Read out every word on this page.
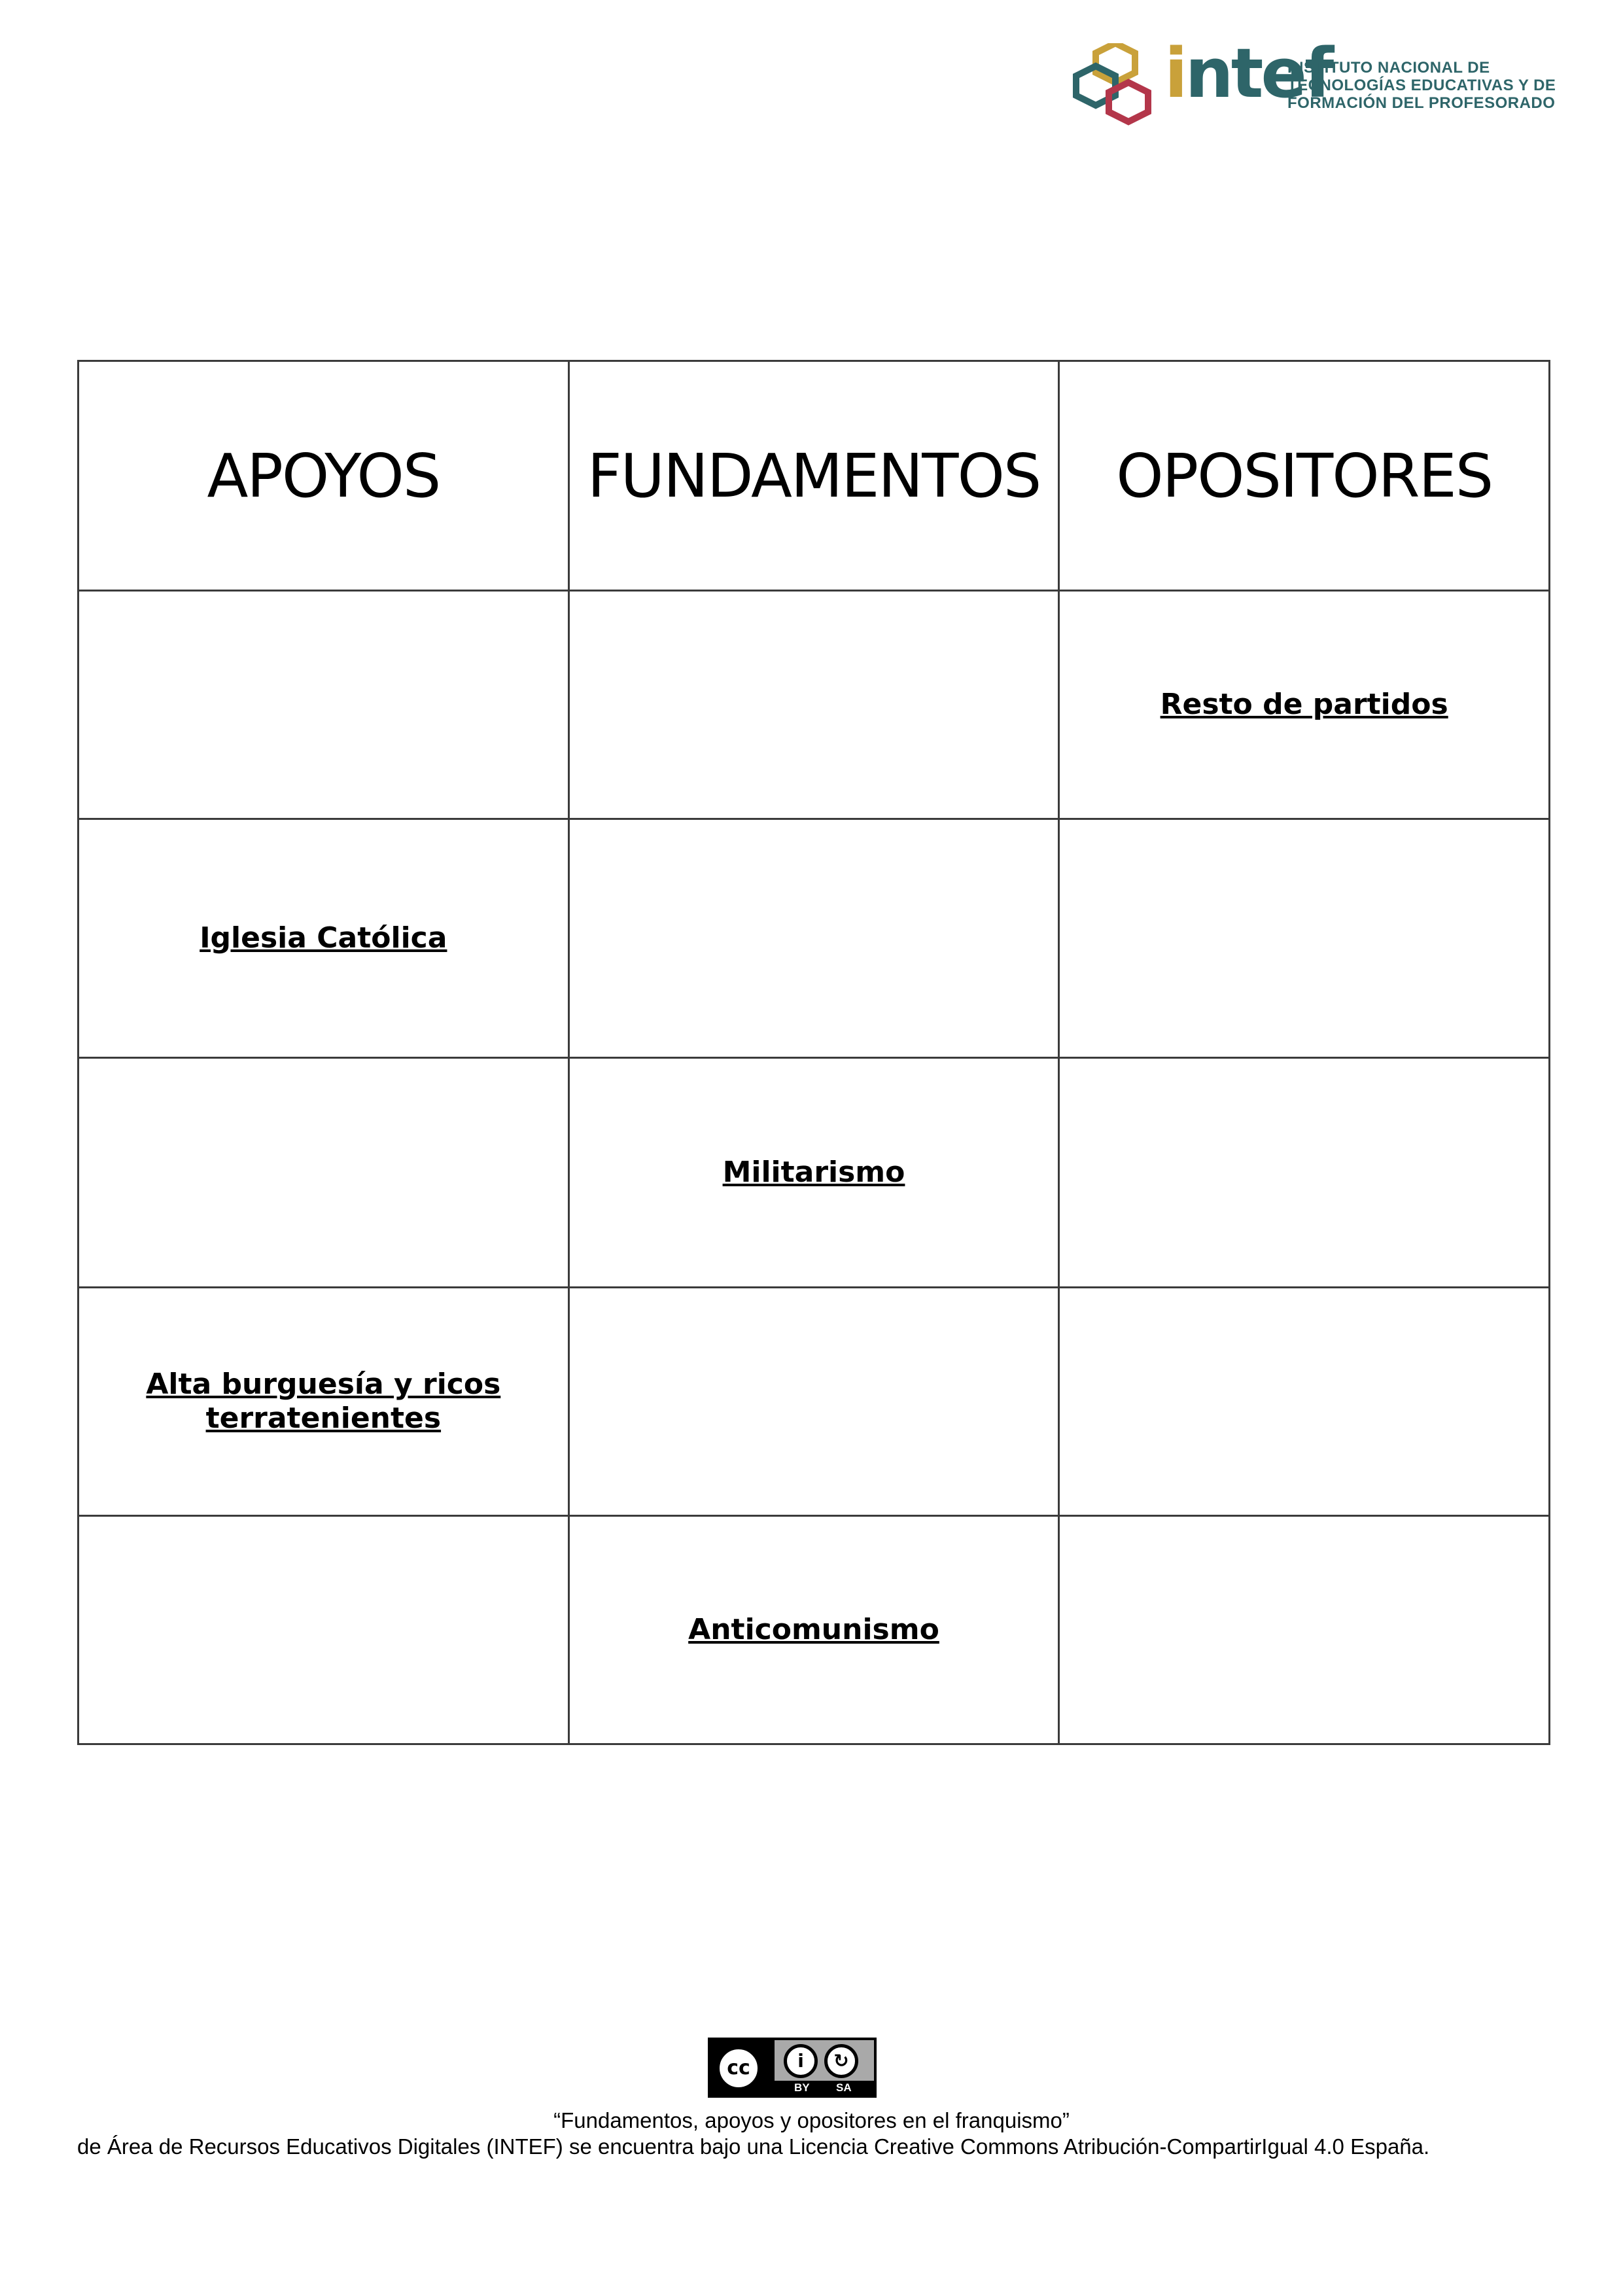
intef
INSTITUTO NACIONAL DE
TECNOLOGÍAS EDUCATIVAS Y DE
FORMACIÓN DEL PROFESORADO
APOYOS	FUNDAMENTOS	OPOSITORES
		Resto de partidos
Iglesia Católica		
	Militarismo	
Alta burguesía y ricos terratenientes		
	Anticomunismo	
cc	i	↻
BY SA
“Fundamentos, apoyos y opositores en el franquismo”
de Área de Recursos Educativos Digitales (INTEF) se encuentra bajo una Licencia Creative Commons Atribución-CompartirIgual 4.0 España.
